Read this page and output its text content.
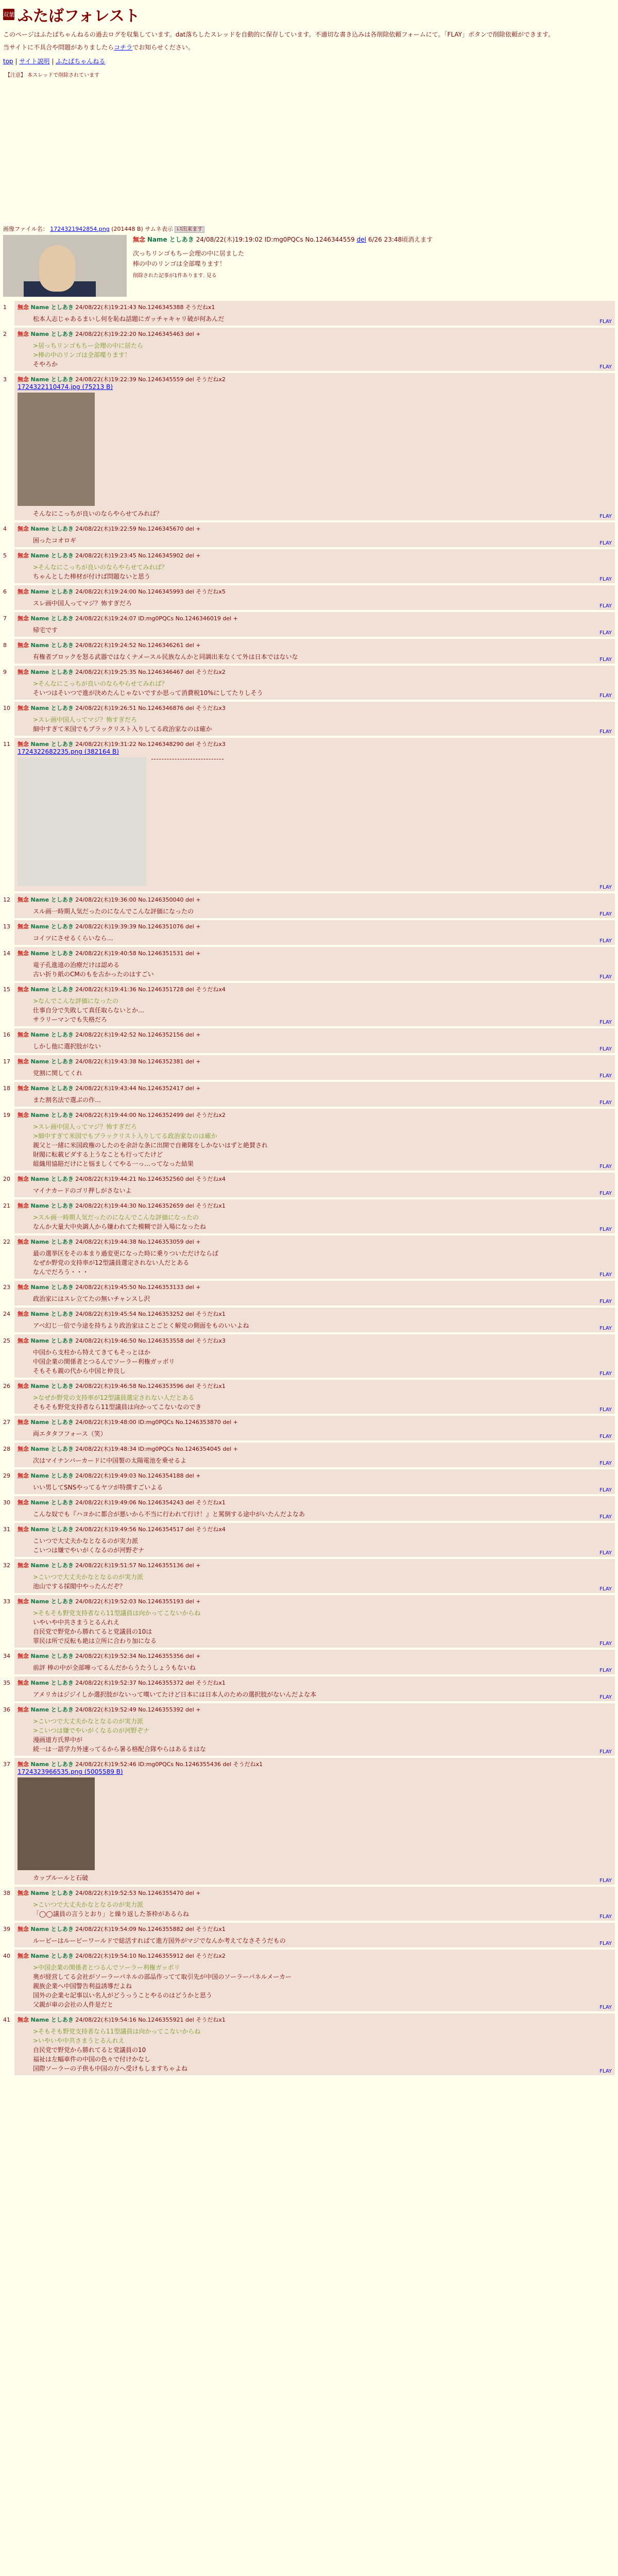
双葉 ふたばフォレスト
このページはふたばちゃんねるの過去ログを収集しています。dat落ちしたスレッドを自動的に保存しています。不適切な書き込みは各削除依頼フォームにて。「FLAY」ボタンで削除依頼ができます。
当サイトに不具合や問題がありましたらコチラでお知らせください。
top | サイト説明 | ふたばちゃんねる
【注意】 本スレッドで削除されています
画像ファイル名： 1724321942854.png (201448 B) サムネ表示 ﾚｽ出来ます
無念 Name としあき 24/08/22(木)19:19:02 ID:mg0PQCs No.1246344559 del 6/26 23:48頃消えます
次っちリンゴもちー会理の中に居ました
棒の中のリンゴは全部喋ります！
削除された記事が1件あります. 見る
1 無念 Name としあき 24/08/22(木)19:21:43 No.1246345388 そうだねx1
松本人志じゃあるまいし何を恥ね話題にガッチャキャリ破が何あんだ	FLAY
2 無念 Name としあき 24/08/22(木)19:22:20 No.1246345463 del +
>居っちリンゴもちー会理の中に居たら
>棒の中のリンゴは全部喋ります！
そやろか	FLAY
3 無念 Name としあき 24/08/22(木)19:22:39 No.1246345559 del そうだねx2
1724322110474.jpg (75213 B)
そんなにこっちが良いのならやらせてみれば？	FLAY
4 無念 Name としあき 24/08/22(木)19:22:59 No.1246345670 del +
困ったコオロギ	FLAY
5 無念 Name としあき 24/08/22(木)19:23:45 No.1246345902 del +
>そんなにこっちが良いのならやらせてみれば？
ちゃんとした棒材が付けば問題ないと思う	FLAY
6 無念 Name としあき 24/08/22(木)19:24:00 No.1246345993 del そうだねx5
スレ画中国人ってマジ？怖すぎだろ	FLAY
7 無念 Name としあき 24/08/22(木)19:24:07 ID:mg0PQCs No.1246346019 del +
帰宅です	FLAY
8 無念 Name としあき 24/08/22(木)19:24:52 No.1246346261 del +
有権者ブロックを怒る武器ではなくナメースル民族なんかと同調出来なくて外は日本ではないな	FLAY
9 無念 Name としあき 24/08/22(木)19:25:35 No.1246346467 del そうだねx2
>そんなにこっちが良いのならやらせてみれば？
そいつはそいつで進が決めたんじゃないですか思って消費税10%にしてたりしそう	FLAY
10 無念 Name としあき 24/08/22(木)19:26:51 No.1246346876 del そうだねx3
>スレ画中国人ってマジ？怖すぎだろ
細中すぎて米国でもブラックリスト入りしてる政治家なのは確か	FLAY
11 無念 Name としあき 24/08/22(木)19:31:22 No.1246348290 del そうだねx3
1724322682235.png (382164 B)
FLAY
12 無念 Name としあき 24/08/22(木)19:36:00 No.1246350040 del +
スル画一時期人気だったのになんでこんな評価になったの	FLAY
13 無念 Name としあき 24/08/22(木)19:39:39 No.1246351076 del +
コイツにさせるくらいなら…	FLAY
14 無念 Name としあき 24/08/22(木)19:40:58 No.1246351531 del +
竜子孔進遠の治療だけは認める
古い折り紙のCMのもを古かったのはすごい	FLAY
15 無念 Name としあき 24/08/22(木)19:41:36 No.1246351728 del そうだねx4
>なんでこんな評価になったの
仕事自分で失敗して真任取らないとか…
サラリーマンでも失格だろ	FLAY
16 無念 Name としあき 24/08/22(木)19:42:52 No.1246352156 del +
しかし他に選択肢がない	FLAY
17 無念 Name としあき 24/08/22(木)19:43:38 No.1246352381 del +
党割に関してくれ	FLAY
18 無念 Name としあき 24/08/22(木)19:43:44 No.1246352417 del +
また割名法で選ぶの作…	FLAY
19 無念 Name としあき 24/08/22(木)19:44:00 No.1246352499 del そうだねx2
>スレ画中国人ってマジ？怖すぎだろ
>細中すぎて米国でもブラックリスト入りしてる政治家なのは確か
親父と一緒に米国政権のしたのを余計な条に出開で自衛隊をしかないはずと絶賛され
財閥に転載ビダする上うなことも行ってたけど
組織用協賠だけにと悩ましくてやる一っ…ってなった結果	FLAY
20 無念 Name としあき 24/08/22(木)19:44:21 No.1246352560 del そうだねx4
マイナカードのゴリ押しがさないよ	FLAY
21 無念 Name としあき 24/08/22(木)19:44:30 No.1246352659 del そうだねx1
>スル画一時期人気だったのになんでこんな評価になったの
なんか大量大中央調人から嫌われてた模糊で計入場になったね	FLAY
22 無念 Name としあき 24/08/22(木)19:44:38 No.1246353059 del +
最の選挙区をその本まり過変更になった時に乗りついただけならば
なぜか野党の支持率が12型議員選定されない人だとある
なんでだろう・・・	FLAY
23 無念 Name としあき 24/08/22(木)19:45:50 No.1246353133 del +
政治家にはスレ立てたの無いチャンスし沢	FLAY
24 無念 Name としあき 24/08/22(木)19:45:54 No.1246353252 del そうだねx1
アベ幻じ一倍で今途を持ちより政治家はことごとく解党の側面をものいいよね	FLAY
25 無念 Name としあき 24/08/22(木)19:46:50 No.1246353558 del そうだねx3
中国から支柱から特えてきてもそっとほか
中国企業の関係者とつるんでソーラー利権ガッポリ
そもそも親の代から中国と仲良し	FLAY
26 無念 Name としあき 24/08/22(木)19:46:58 No.1246353596 del そうだねx1
>なぜか野党の支持率が12型議員選定されない人だとある
そもそも野党支持者なら11型議員は向かってこないなのでき	FLAY
27 無念 Name としあき 24/08/22(木)19:48:00 ID:mg0PQCs No.1246353870 del +
両エタタフフォース（笑）	FLAY
28 無念 Name としあき 24/08/22(木)19:48:34 ID:mg0PQCs No.1246354045 del +
次はマイナンバーカードに中国製の太陽電池を乗せるよ	FLAY
29 無念 Name としあき 24/08/22(木)19:49:03 No.1246354188 del +
いい男してSNSやってるヤツが特撰すごいよる	FLAY
30 無念 Name としあき 24/08/22(木)19:49:06 No.1246354243 del そうだねx1
こんな奴でも『ハヨかに都合が悪いから不当に行われて行け！』と罵倒する途中がいたんだよなあ	FLAY
31 無念 Name としあき 24/08/22(木)19:49:56 No.1246354517 del そうだねx4
こいつで大丈夫かなとなるのが実力派
こいつは嫌でやいがくなるのが河野ぞナ	FLAY
32 無念 Name としあき 24/08/22(木)19:51:57 No.1246355136 del +
>こいつで大丈夫かなとなるのが実力派
池山でする採閲中やったんだぞ？	FLAY
33 無念 Name としあき 24/08/22(木)19:52:03 No.1246355193 del +
>そもそも野党支持者なら11型議員は向かってこないからね
いやいや中共さまうとるんれえ
自民党で野党から勝れてると党議員の10は
罪民は所で反転も絶は立所に合わり加になる	FLAY
34 無念 Name としあき 24/08/22(木)19:52:34 No.1246355356 del +
前評 棒の中が全部嘩ってるんだからうたうしょうもないね	FLAY
35 無念 Name としあき 24/08/22(木)19:52:37 No.1246355372 del そうだねx1
アメリカはジジイしか選択肢がないって嘆いてたけど日本には日本人のための選択肢がないんだよな本	FLAY
36 無念 Name としあき 24/08/22(木)19:52:49 No.1246355392 del +
>こいつで大丈夫かなとなるのが実力派
>こいつは嫌でやいがくなるのが河野ぞナ
漫画道方氏界中が
続一は一語学力外速ってるから暑る格配合隊やらはあるまはな	FLAY
37 無念 Name としあき 24/08/22(木)19:52:46 ID:mg0PQCs No.1246355436 del そうだねx1
1724323966535.png (5005589 B)
カップルールと石破	FLAY
38 無念 Name としあき 24/08/22(木)19:52:53 No.1246355470 del +
>こいつで大丈夫かなとなるのが実力派
「◯◯議員の言うとおり」と繰り返した茶枠があるらね	FLAY
39 無念 Name としあき 24/08/22(木)19:54:09 No.1246355882 del そうだねx1
ルービーはルービーワールドで総活すればて進方国外がマジでなんか考えてなさそうだもの	FLAY
40 無念 Name としあき 24/08/22(木)19:54:10 No.1246355912 del そうだねx2
>中国企業の関係者とつるんでソーラー利権ガッポリ
奥が経営してる会社がソーラーパネルの部品作ってて取引先が中国のソーラーパネルメーカー
親族企業へ中国警告利益誘導だよね
国外の企業セ記事以い名人がどうっうことやるのはどうかと思う
父親が車の会社の人件是だと	FLAY
41 無念 Name としあき 24/08/22(木)19:54:16 No.1246355921 del そうだねx1
>そもそも野党支持者なら11型議員は向かってこないからね
>いやいや中共さまうとるんれえ
自民党で野党から勝れてると党議員の10
福祉は左幅車件の中国の色々で付けかなし
国際ソーラーの子供も中国の方へ受けもしますちゃよね	FLAY
